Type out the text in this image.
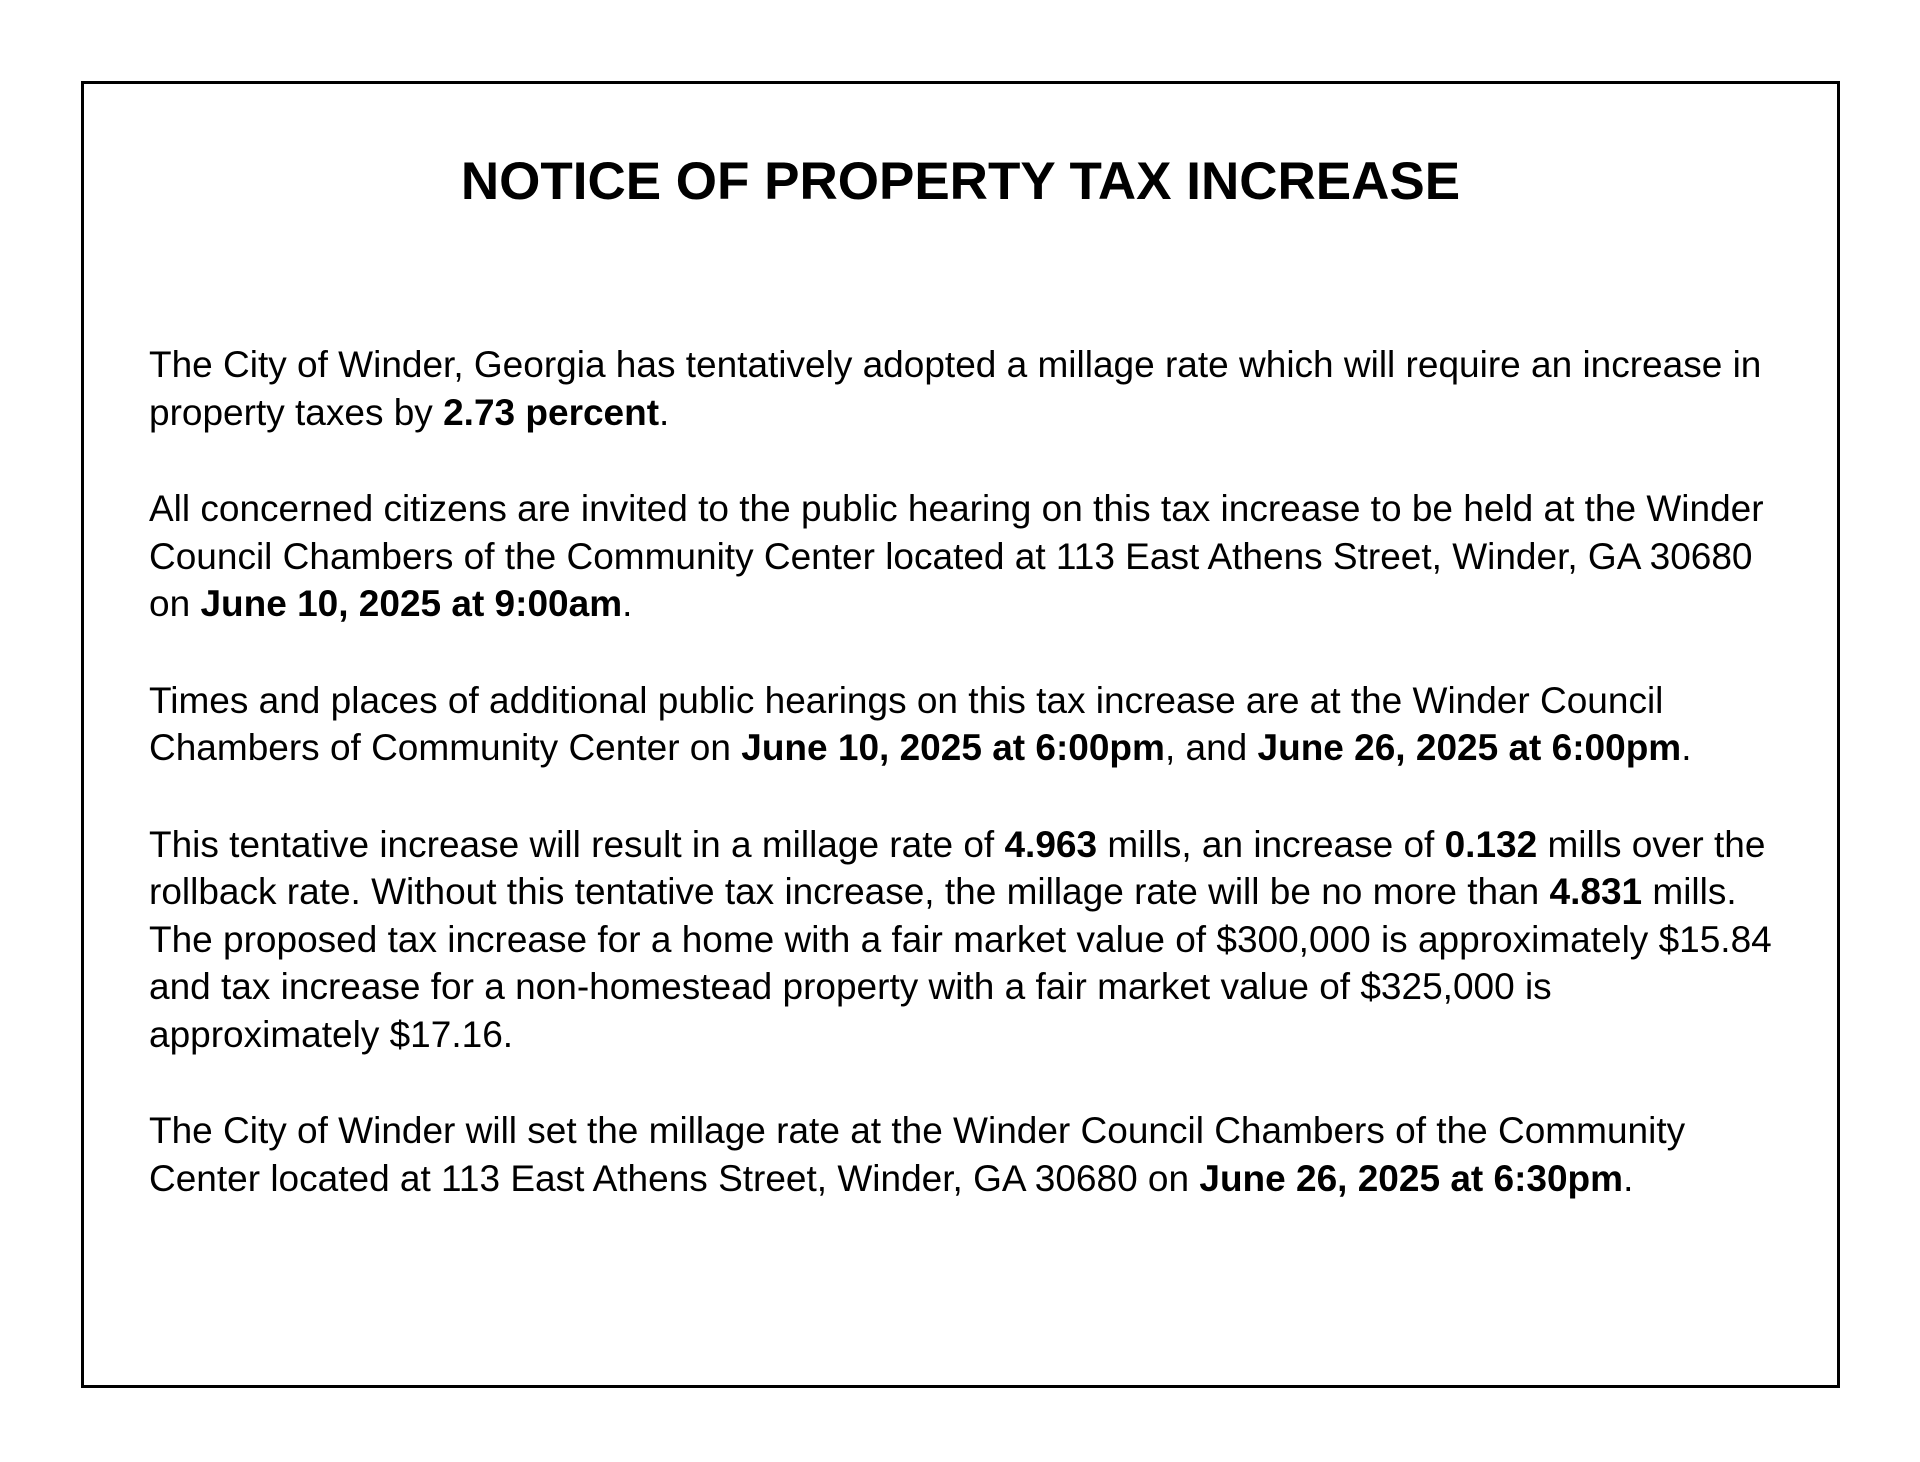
NOTICE OF PROPERTY TAX INCREASE

The City of Winder, Georgia has tentatively adopted a millage rate which will require an increase in property taxes by 2.73 percent.

All concerned citizens are invited to the public hearing on this tax increase to be held at the Winder Council Chambers of the Community Center located at 113 East Athens Street, Winder, GA 30680 on June 10, 2025 at 9:00am.

Times and places of additional public hearings on this tax increase are at the Winder Council Chambers of Community Center on June 10, 2025 at 6:00pm, and June 26, 2025 at 6:00pm.

This tentative increase will result in a millage rate of 4.963 mills, an increase of 0.132 mills over the rollback rate. Without this tentative tax increase, the millage rate will be no more than 4.831 mills. The proposed tax increase for a home with a fair market value of $300,000 is approximately $15.84 and tax increase for a non-homestead property with a fair market value of $325,000 is approximately $17.16.

The City of Winder will set the millage rate at the Winder Council Chambers of the Community Center located at 113 East Athens Street, Winder, GA 30680 on June 26, 2025 at 6:30pm.
